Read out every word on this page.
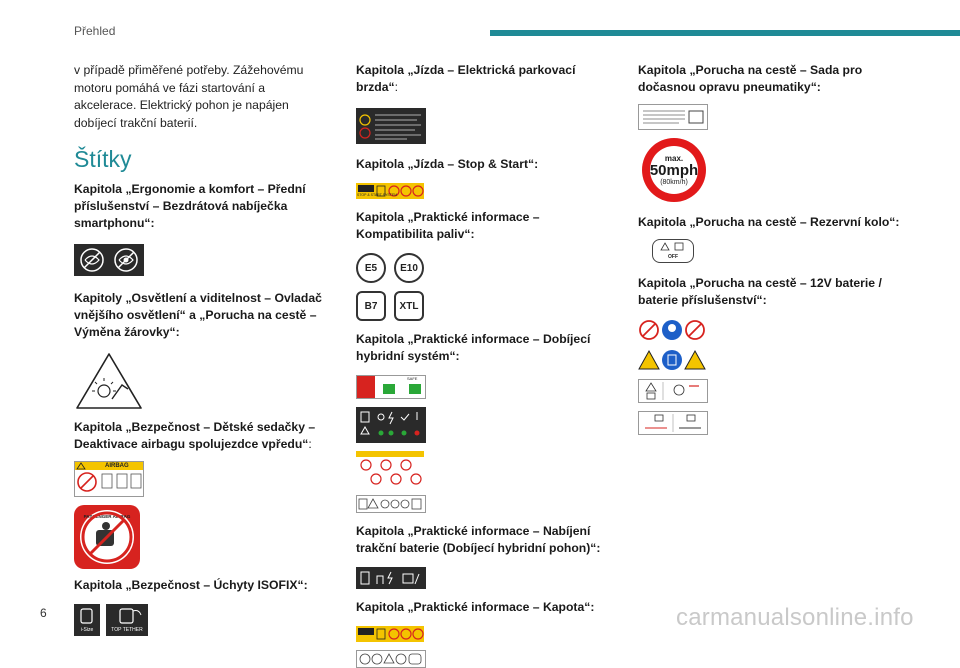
Přehled

v případě přiměřené potřeby. Zážehovému motoru pomáhá ve fázi startování a akcelerace. Elektrický pohon je napájen dobíjecí trakční baterií.

Štítky
Kapitola „Ergonomie a komfort – Přední příslušenství – Bezdrátová nabíječka smartphonu“:
Kapitoly „Osvětlení a viditelnost – Ovladač vnějšího osvětlení“ a „Porucha na cestě – Výměna žárovky“:
Kapitola „Bezpečnost – Dětské sedačky – Deaktivace airbagu spolujezdce vpředu“:
AIRBAG
PASSENGER AIRBAG
Kapitola „Bezpečnost – Úchyty ISOFIX“:
i-Size	TOP TETHER
Kapitola „Jízda – Elektrická parkovací brzda“:
Kapitola „Jízda – Stop & Start“:
STOP & START SYSTEM
Kapitola „Praktické informace – Kompatibilita paliv“:
E5	E10
B7	XTL
Kapitola „Praktické informace – Dobíjecí hybridní systém“:
SAFE
Kapitola „Praktické informace – Nabíjení trakční baterie (Dobíjecí hybridní pohon)“:
Kapitola „Praktické informace – Kapota“:
Kapitola „Porucha na cestě – Sada pro dočasnou opravu pneumatiky“:
max.
50mph
(80km/h)
Kapitola „Porucha na cestě – Rezervní kolo“:
OFF
Kapitola „Porucha na cestě – 12V baterie / baterie příslušenství“:
6	carmanualsonline.info
